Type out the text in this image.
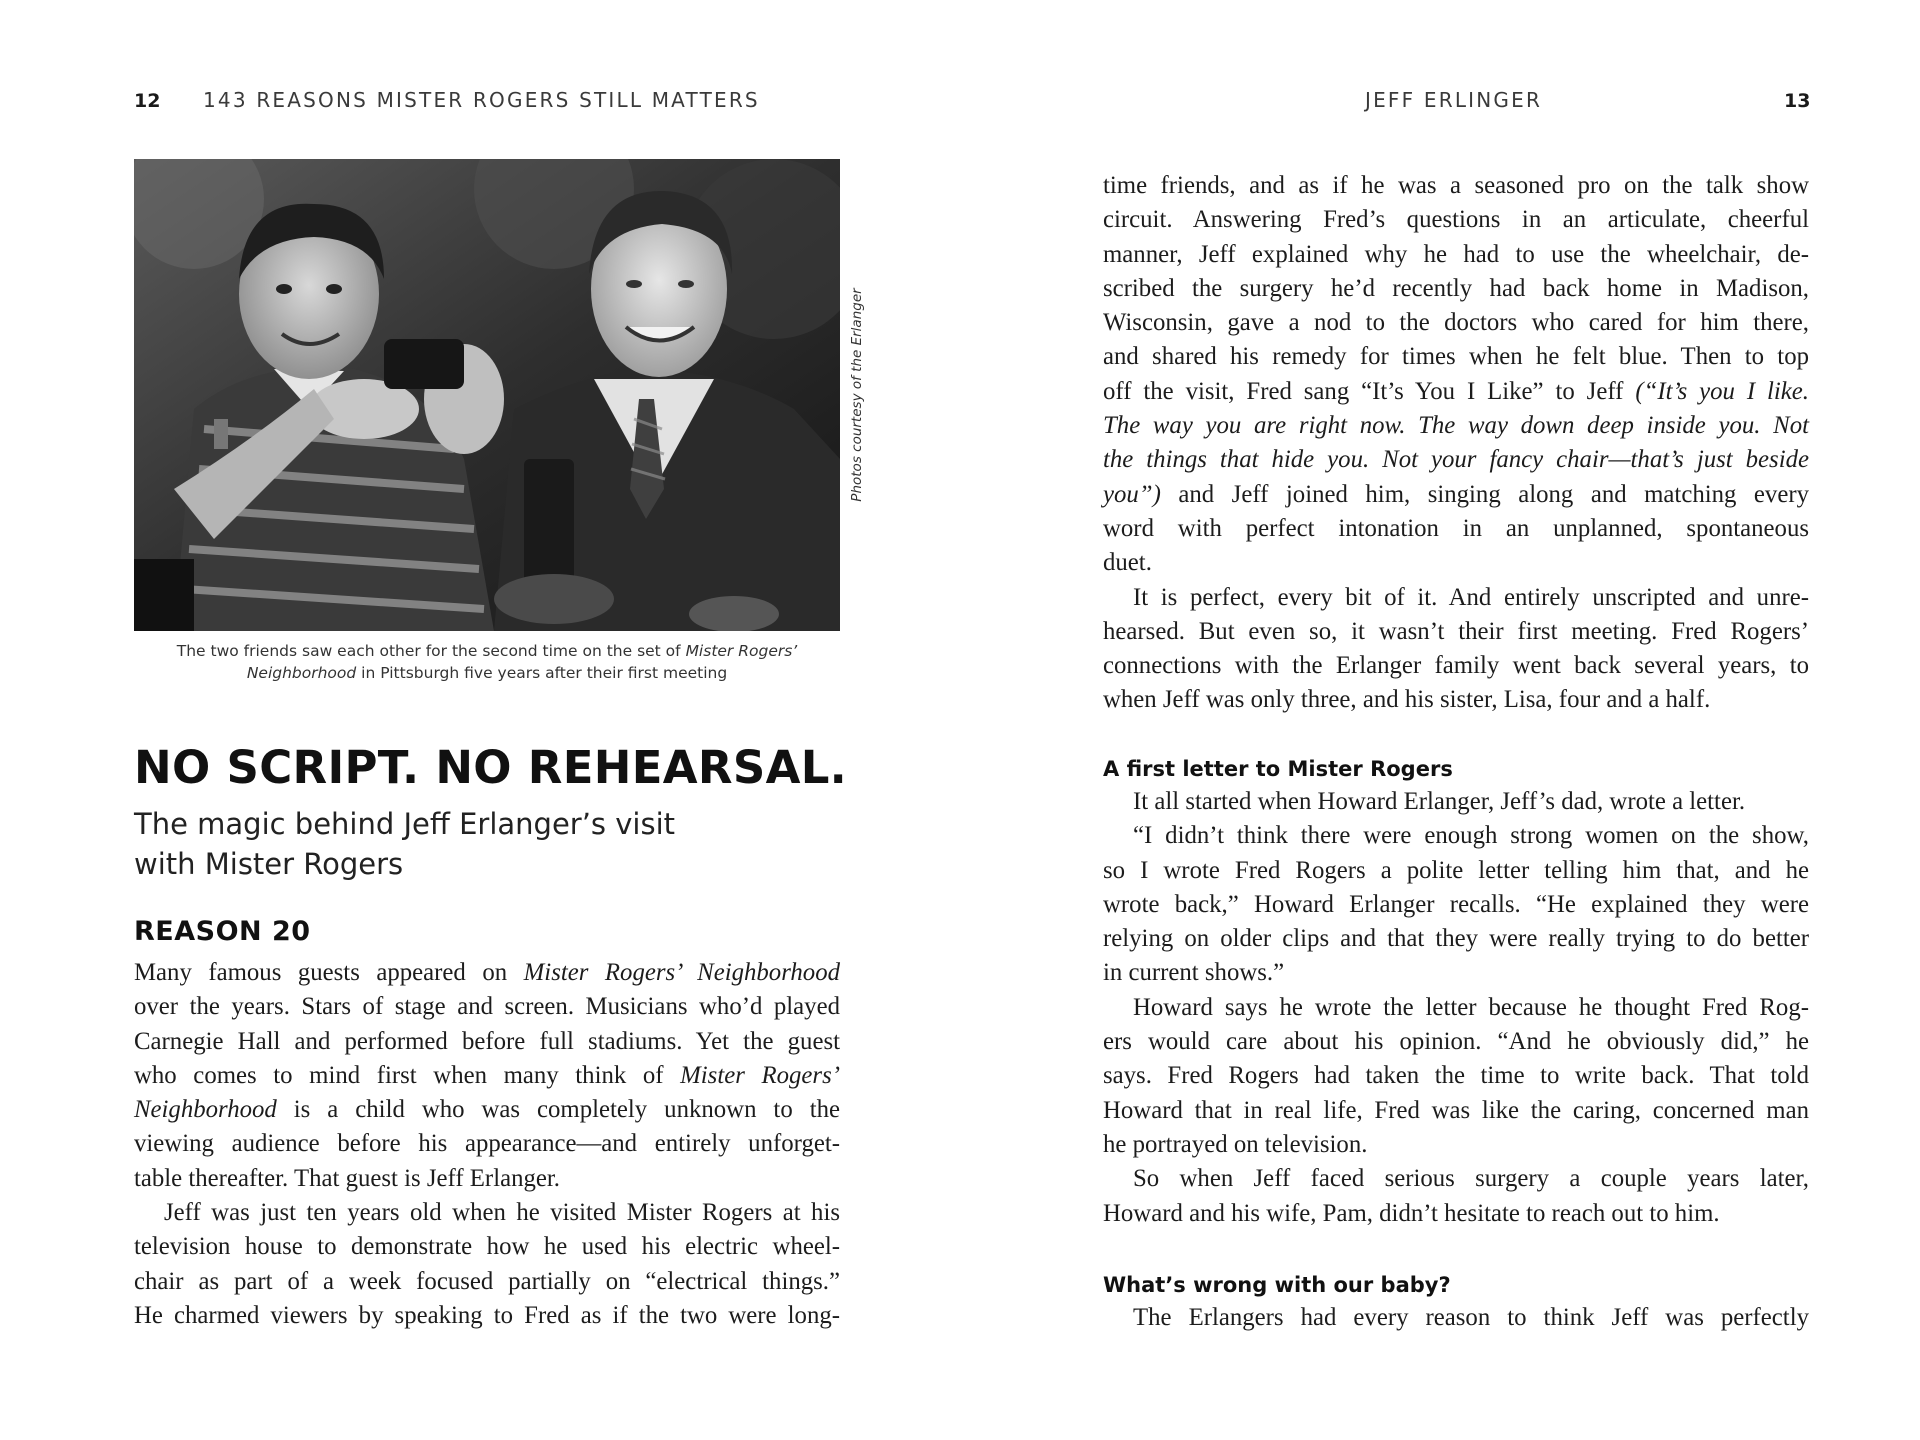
12 143 REASONS MISTER ROGERS STILL MATTERS

Photos courtesy of the Erlanger

The two friends saw each other for the second time on the set of Mister Rogers’
Neighborhood in Pittsburgh five years after their first meeting

NO SCRIPT. NO REHEARSAL.
The magic behind Jeff Erlanger’s visit
with Mister Rogers
REASON 20
Many famous guests appeared on Mister Rogers’ Neighborhood
over the years. Stars of stage and screen. Musicians who’d played
Carnegie Hall and performed before full stadiums. Yet the guest
who comes to mind first when many think of Mister Rogers’
Neighborhood is a child who was completely unknown to the
viewing audience before his appearance—and entirely unforget-
table thereafter. That guest is Jeff Erlanger.
Jeff was just ten years old when he visited Mister Rogers at his
television house to demonstrate how he used his electric wheel-
chair as part of a week focused partially on “electrical things.”
He charmed viewers by speaking to Fred as if the two were long-

JEFF ERLINGER	13
time friends, and as if he was a seasoned pro on the talk show
circuit. Answering Fred’s questions in an articulate, cheerful
manner, Jeff explained why he had to use the wheelchair, de-
scribed the surgery he’d recently had back home in Madison,
Wisconsin, gave a nod to the doctors who cared for him there,
and shared his remedy for times when he felt blue. Then to top
off the visit, Fred sang “It’s You I Like” to Jeff (“It’s you I like.
The way you are right now. The way down deep inside you. Not
the things that hide you. Not your fancy chair—that’s just beside
you”) and Jeff joined him, singing along and matching every
word with perfect intonation in an unplanned, spontaneous
duet.
It is perfect, every bit of it. And entirely unscripted and unre-
hearsed. But even so, it wasn’t their first meeting. Fred Rogers’
connections with the Erlanger family went back several years, to
when Jeff was only three, and his sister, Lisa, four and a half.
A first letter to Mister Rogers
It all started when Howard Erlanger, Jeff’s dad, wrote a letter.
“I didn’t think there were enough strong women on the show,
so I wrote Fred Rogers a polite letter telling him that, and he
wrote back,” Howard Erlanger recalls. “He explained they were
relying on older clips and that they were really trying to do better
in current shows.”
Howard says he wrote the letter because he thought Fred Rog-
ers would care about his opinion. “And he obviously did,” he
says. Fred Rogers had taken the time to write back. That told
Howard that in real life, Fred was like the caring, concerned man
he portrayed on television.
So when Jeff faced serious surgery a couple years later,
Howard and his wife, Pam, didn’t hesitate to reach out to him.
What’s wrong with our baby?
The Erlangers had every reason to think Jeff was perfectly
